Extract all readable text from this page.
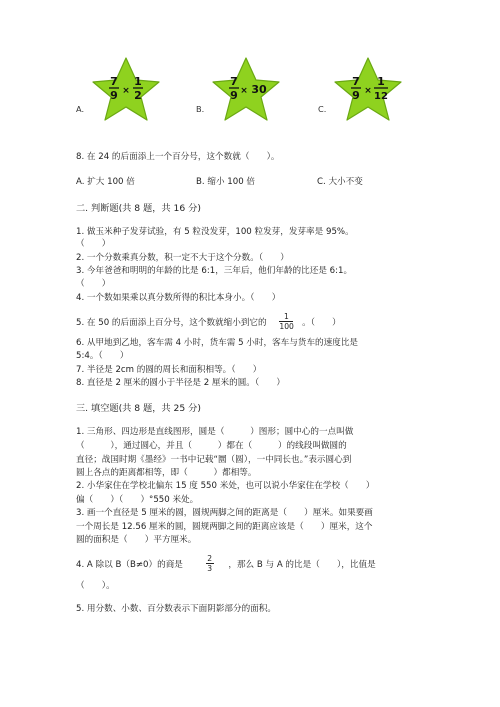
A.
7
9 ×
1
2
B.
7
9 × 30
C.
7
9 ×
1
12
8. 在 24 的后面添上一个百分号，这个数就（　　）。
A. 扩大 100 倍	B. 缩小 100 倍	C. 大小不变
二. 判断题(共 8 题，共 16 分)
1. 做玉米种子发芽试验，有 5 粒没发芽，100 粒发芽，发芽率是 95%。
（　　）
2. 一个分数乘真分数，积一定不大于这个分数。（　　）
3. 今年爸爸和明明的年龄的比是 6:1，三年后，他们年龄的比还是 6:1。
（　　）
4. 一个数如果乘以真分数所得的积比本身小。（　　）
5. 在 50 的后面添上百分号，这个数就缩小到它的 $\frac{1}{100}$ 。（　　）
6. 从甲地到乙地，客车需 4 小时，货车需 5 小时，客车与货车的速度比是
5:4。（　　）
7. 半径是 2cm 的圆的周长和面积相等。（　　）
8. 直径是 2 厘米的圆小于半径是 2 厘米的圆。（　　）
三. 填空题(共 8 题，共 25 分)
1. 三角形、四边形是直线图形，圆是（　　　）图形；圆中心的一点叫做
（　　　），通过圆心，并且（　　　）都在（　　　）的线段叫做圆的
直径；战国时期《墨经》一书中记载“圜（圆），一中同长也。”表示圆心到
圆上各点的距离都相等，即（　　　）都相等。
2. 小华家住在学校北偏东 15 度 550 米处，也可以说小华家住在学校（　　）
偏（　　）（　　）°550 米处。
3. 画一个直径是 5 厘米的圆，圆规两脚之间的距离是（　　）厘米。如果要画
一个周长是 12.56 厘米的圆，圆规两脚之间的距离应该是（　　）厘米，这个
圆的面积是（　　）平方厘米。
4. A 除以 B（B≠0）的商是	$\frac{2}{3}$ ，那么 B 与 A 的比是（　　），比值是
（　　）。
5. 用分数、小数、百分数表示下面阴影部分的面积。
